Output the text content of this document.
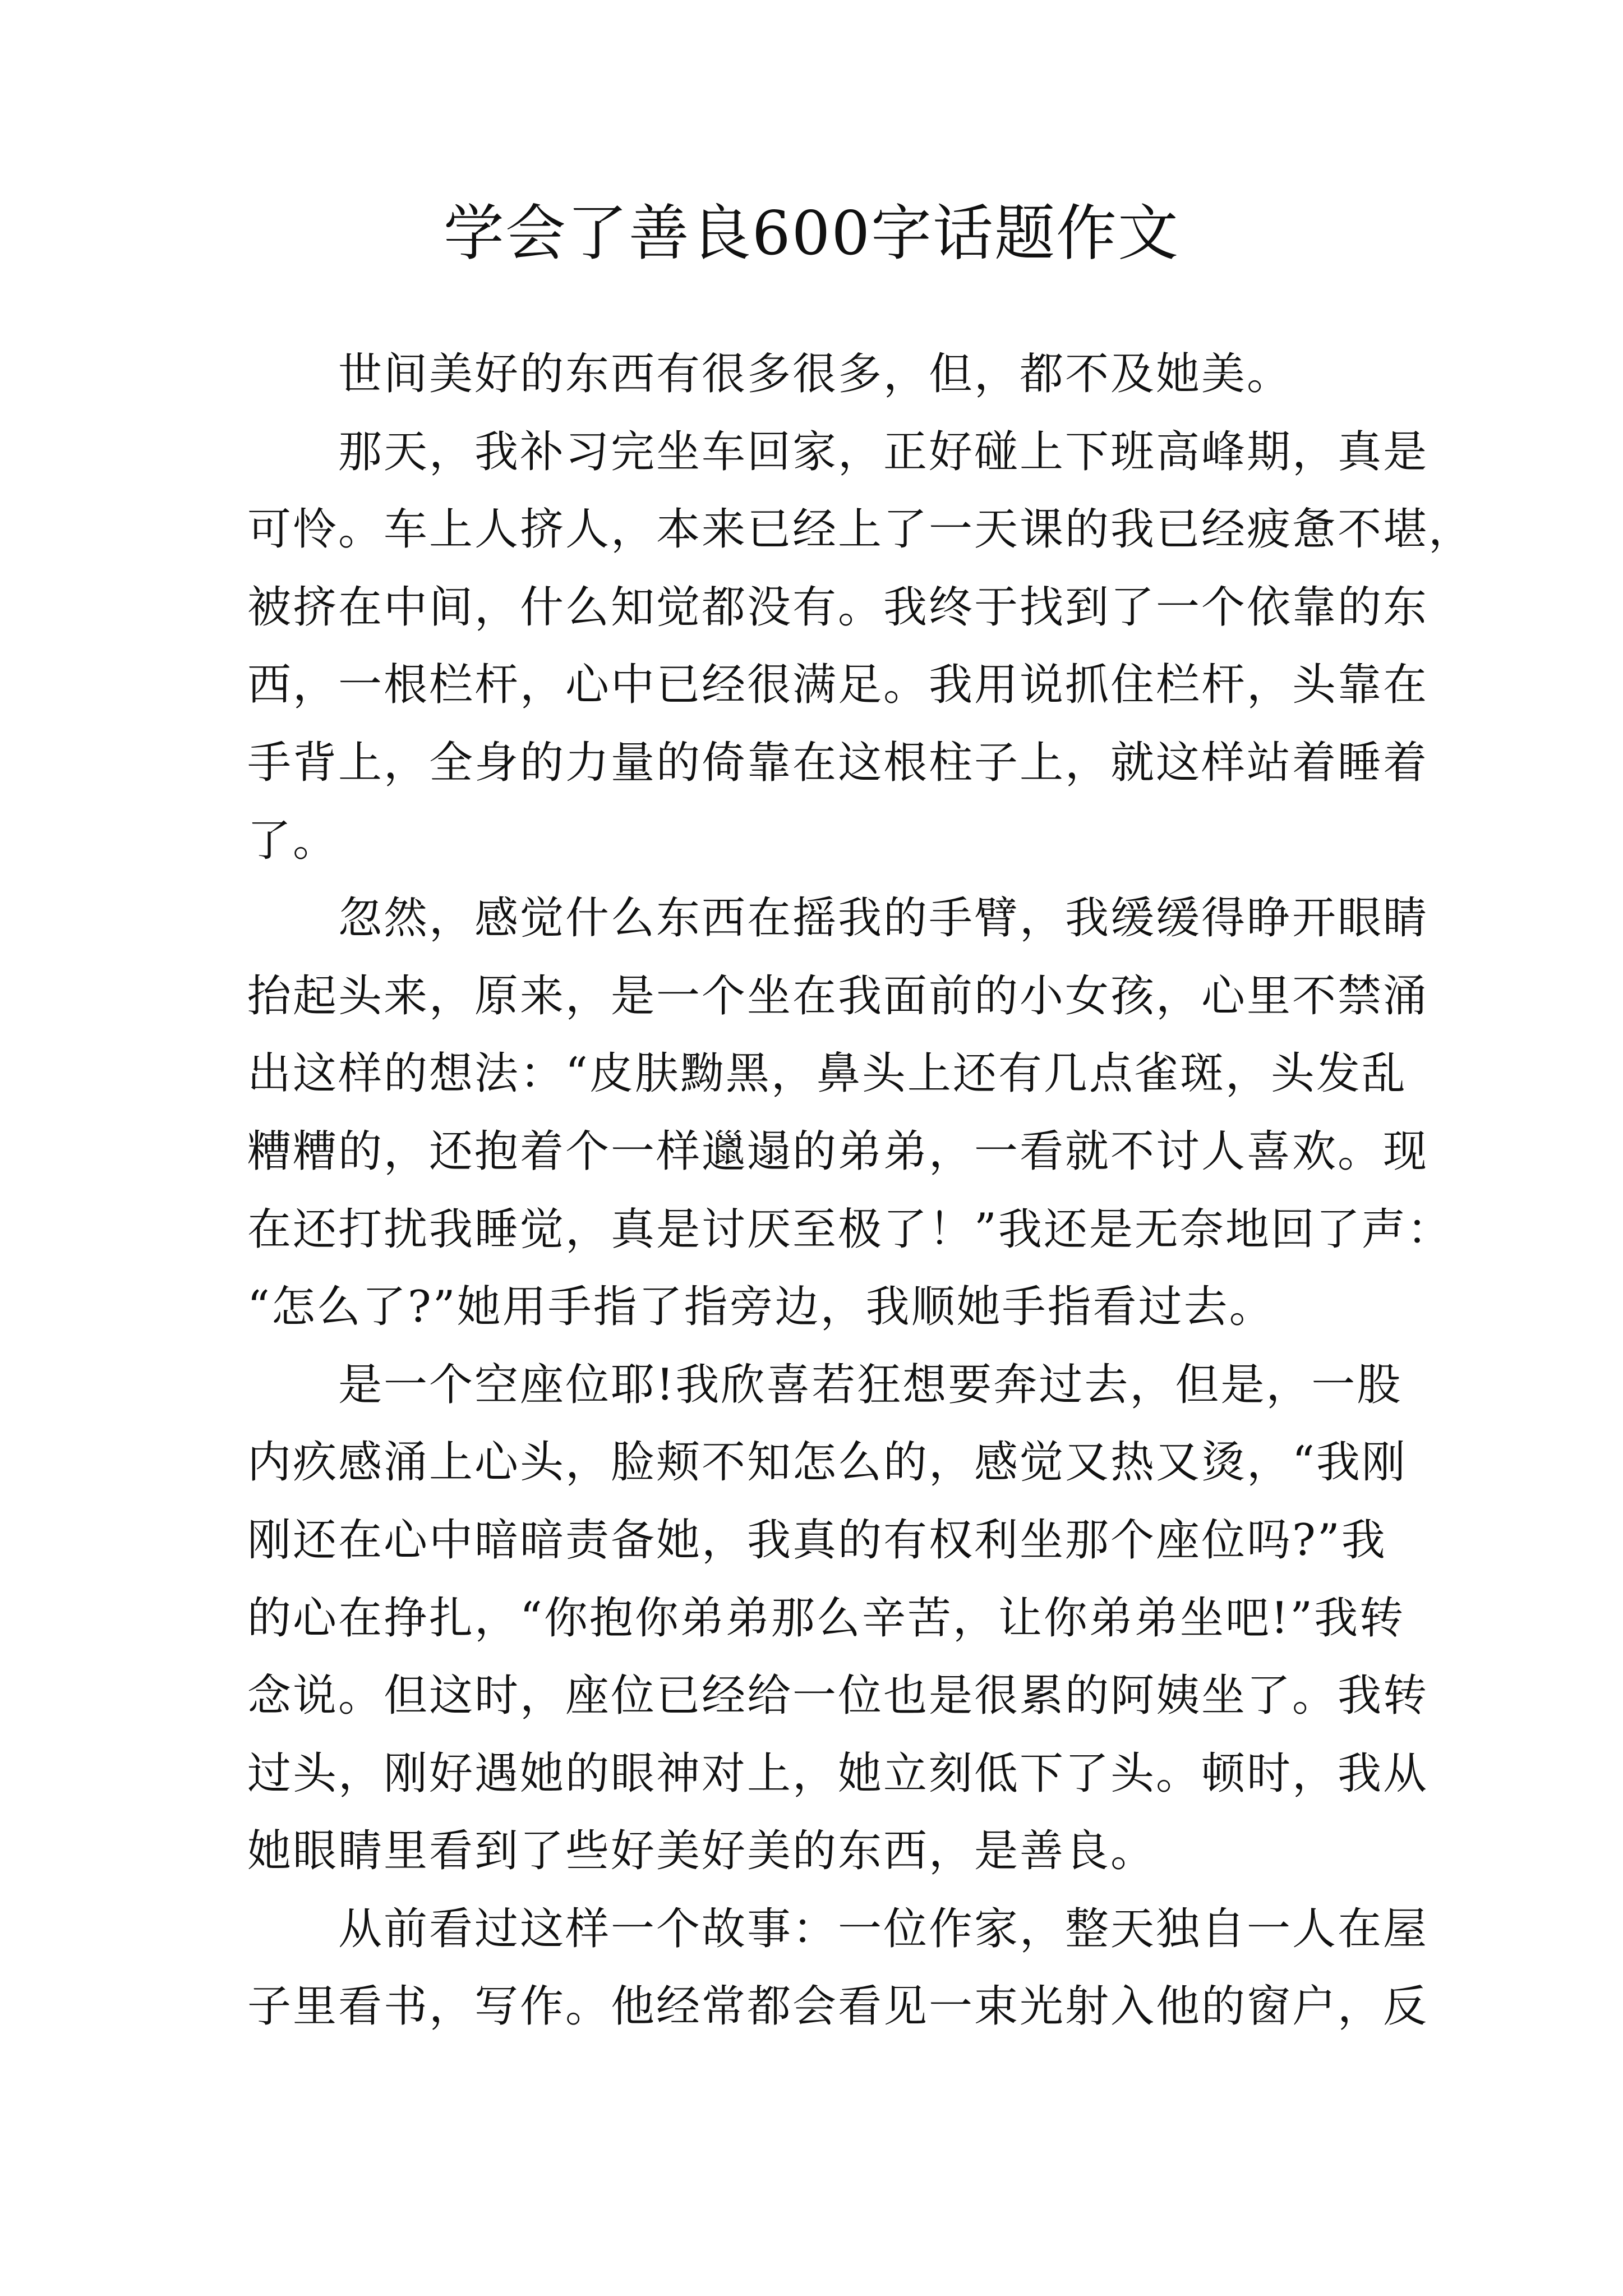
学会了善良600字话题作文
　　世间美好的东西有很多很多，但，都不及她美。
　　那天，我补习完坐车回家，正好碰上下班高峰期，真是
可怜。车上人挤人，本来已经上了一天课的我已经疲惫不堪，
被挤在中间，什么知觉都没有。我终于找到了一个依靠的东
西，一根栏杆，心中已经很满足。我用说抓住栏杆，头靠在
手背上，全身的力量的倚靠在这根柱子上，就这样站着睡着
了。
　　忽然，感觉什么东西在摇我的手臂，我缓缓得睁开眼睛
抬起头来，原来，是一个坐在我面前的小女孩，心里不禁涌
出这样的想法：“皮肤黝黑，鼻头上还有几点雀斑，头发乱
糟糟的，还抱着个一样邋遢的弟弟，一看就不讨人喜欢。现
在还打扰我睡觉，真是讨厌至极了！”我还是无奈地回了声：
“怎么了?”她用手指了指旁边，我顺她手指看过去。
　　是一个空座位耶!我欣喜若狂想要奔过去，但是，一股
内疚感涌上心头，脸颊不知怎么的，感觉又热又烫，“我刚
刚还在心中暗暗责备她，我真的有权利坐那个座位吗?”我
的心在挣扎，“你抱你弟弟那么辛苦，让你弟弟坐吧!”我转
念说。但这时，座位已经给一位也是很累的阿姨坐了。我转
过头，刚好遇她的眼神对上，她立刻低下了头。顿时，我从
她眼睛里看到了些好美好美的东西，是善良。
　　从前看过这样一个故事：一位作家，整天独自一人在屋
子里看书，写作。他经常都会看见一束光射入他的窗户，反
